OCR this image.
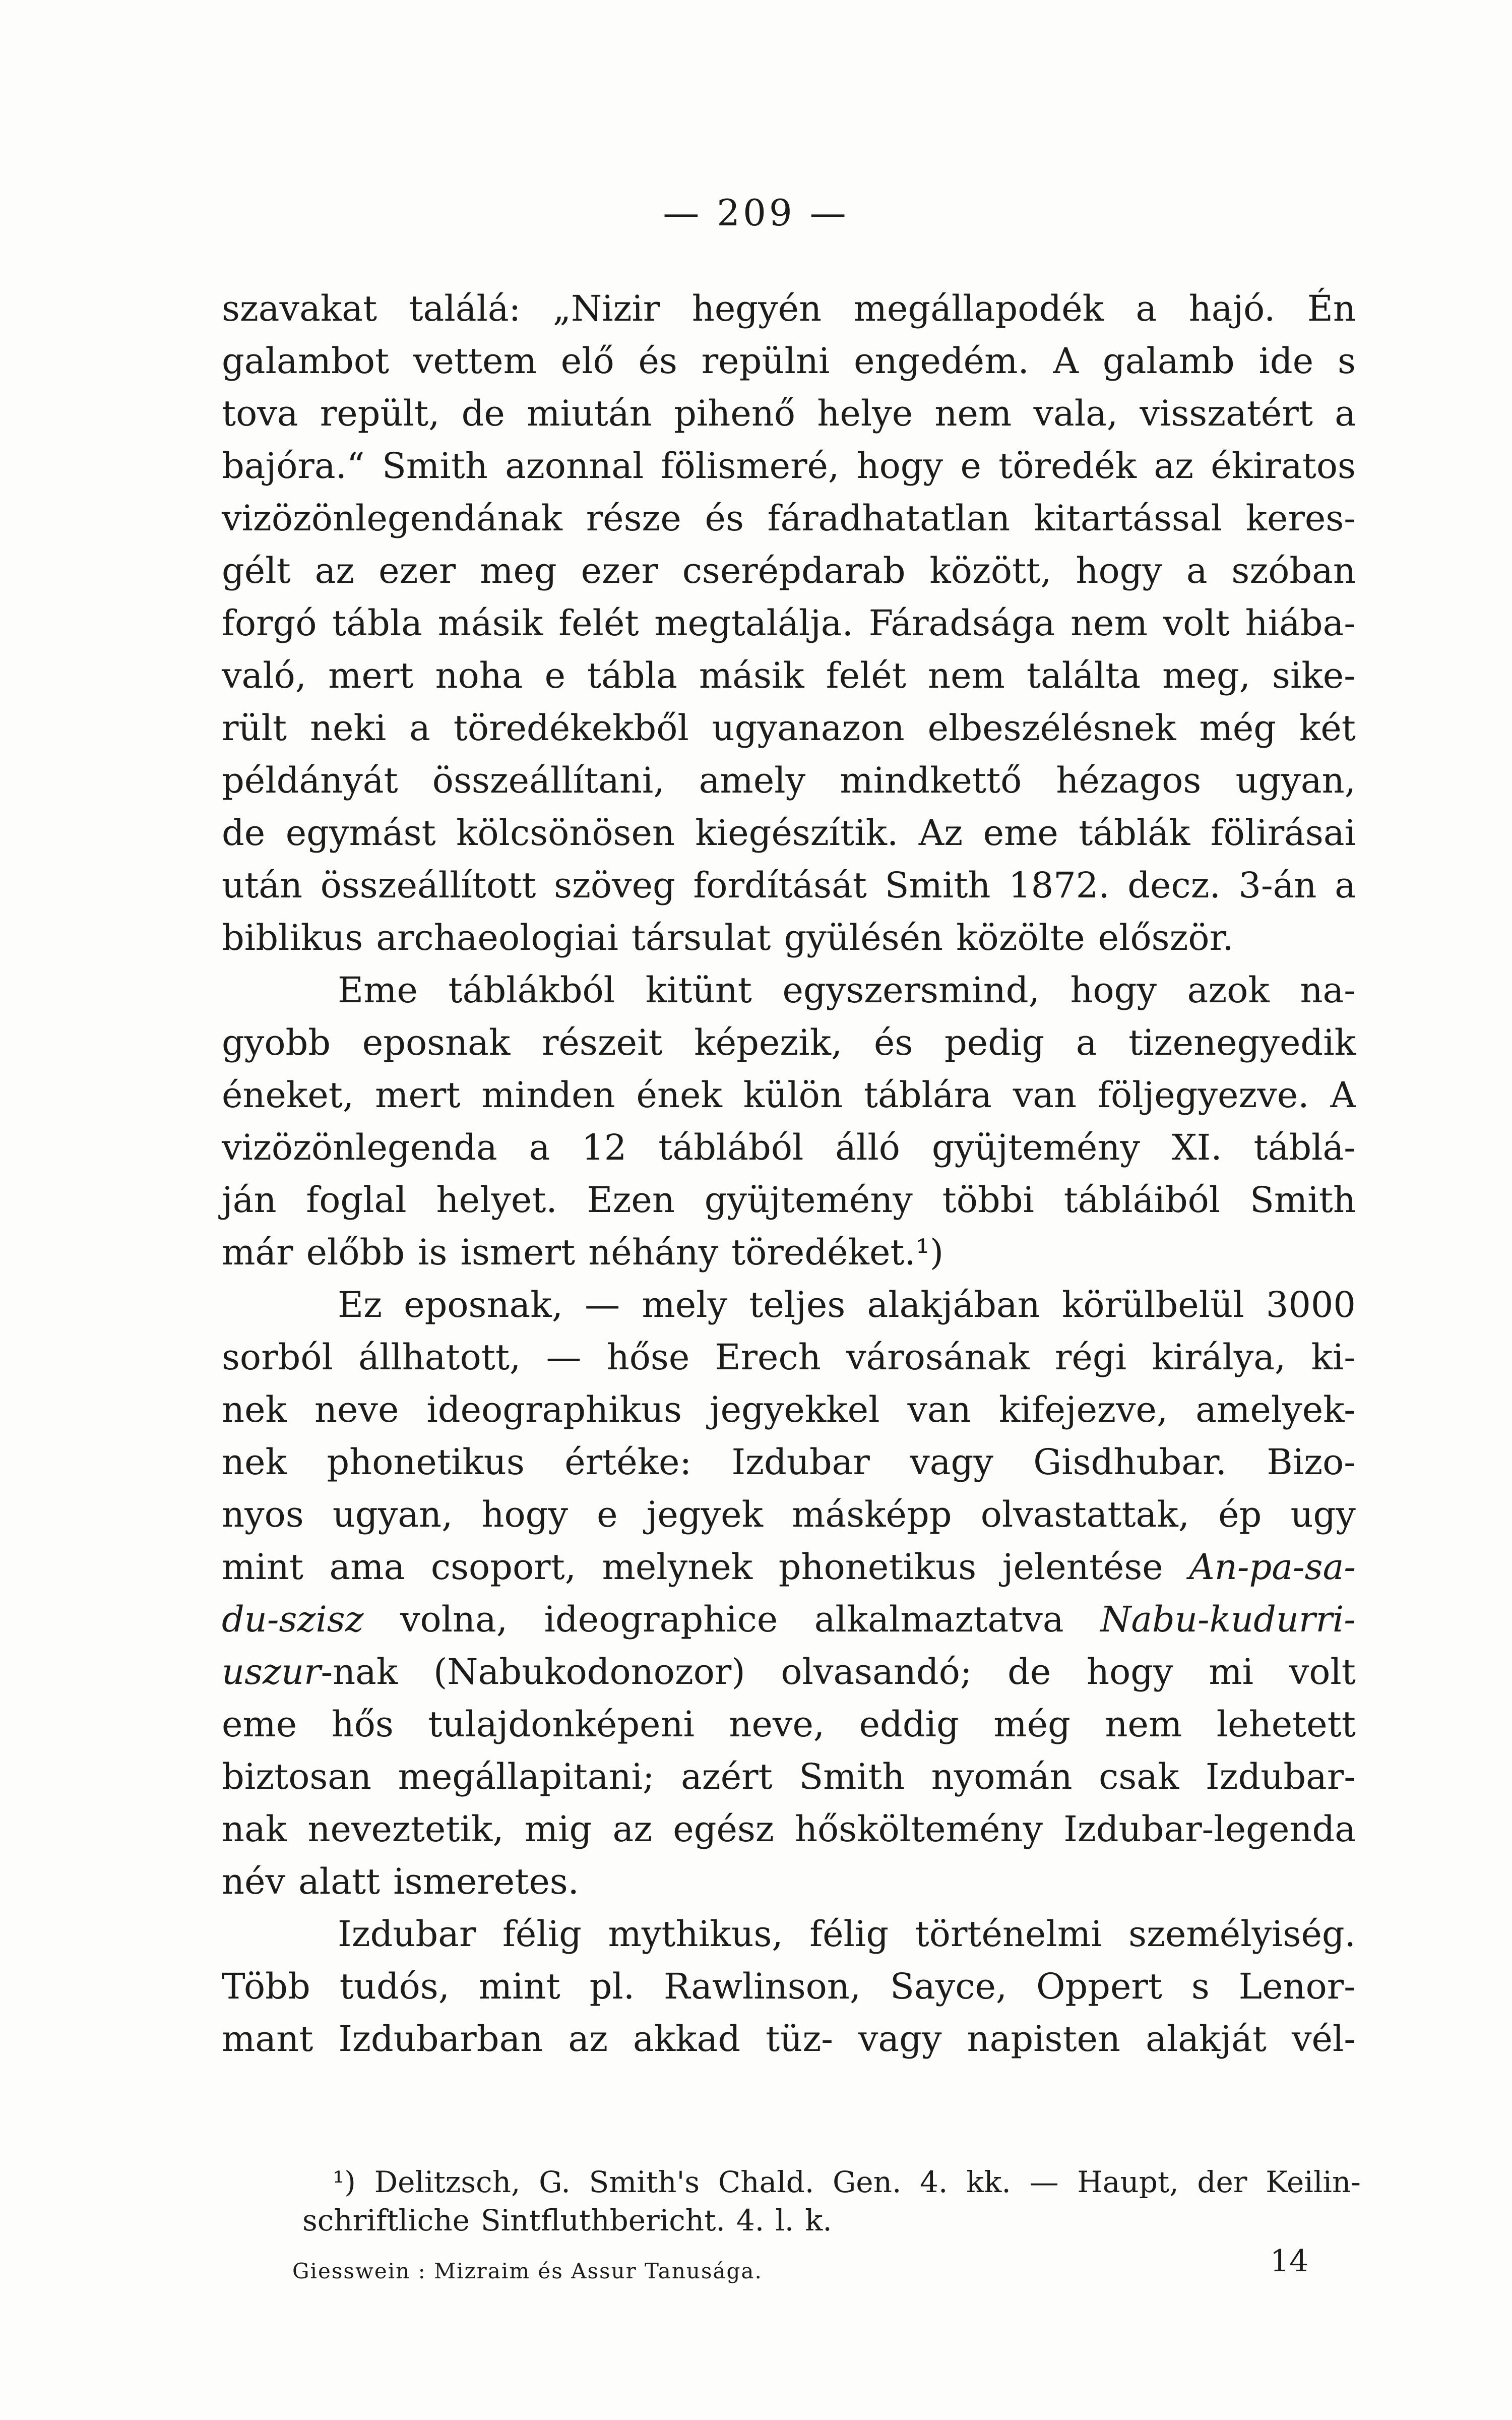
— 209 —
szavakat találá: „Nizir hegyén megállapodék a hajó. Én
galambot vettem elő és repülni engedém. A galamb ide s
tova repült, de miután pihenő helye nem vala, visszatért a
bajóra.“ Smith azonnal fölismeré, hogy e töredék az ékiratos
vizözönlegendának része és fáradhatatlan kitartással keres-
gélt az ezer meg ezer cserépdarab között, hogy a szóban
forgó tábla másik felét megtalálja. Fáradsága nem volt hiába-
való, mert noha e tábla másik felét nem találta meg, sike-
rült neki a töredékekből ugyanazon elbeszélésnek még két
példányát összeállítani, amely mindkettő hézagos ugyan,
de egymást kölcsönösen kiegészítik. Az eme táblák fölirásai
után összeállított szöveg fordítását Smith 1872. decz. 3-án a
biblikus archaeologiai társulat gyülésén közölte először.
Eme táblákból kitünt egyszersmind, hogy azok na-
gyobb eposnak részeit képezik, és pedig a tizenegyedik
éneket, mert minden ének külön táblára van följegyezve. A
vizözönlegenda a 12 táblából álló gyüjtemény XI. táblá-
ján foglal helyet. Ezen gyüjtemény többi tábláiból Smith
már előbb is ismert néhány töredéket.¹)
Ez eposnak, — mely teljes alakjában körülbelül 3000
sorból állhatott, — hőse Erech városának régi királya, ki-
nek neve ideographikus jegyekkel van kifejezve, amelyek-
nek phonetikus értéke: Izdubar vagy Gisdhubar. Bizo-
nyos ugyan, hogy e jegyek másképp olvastattak, ép ugy
mint ama csoport, melynek phonetikus jelentése An-pa-sa-
du-szisz volna, ideographice alkalmaztatva Nabu-kudurri-
uszur-nak (Nabukodonozor) olvasandó; de hogy mi volt
eme hős tulajdonképeni neve, eddig még nem lehetett
biztosan megállapitani; azért Smith nyomán csak Izdubar-
nak neveztetik, mig az egész hősköltemény Izdubar-legenda
név alatt ismeretes.
Izdubar félig mythikus, félig történelmi személyiség.
Több tudós, mint pl. Rawlinson, Sayce, Oppert s Lenor-
mant Izdubarban az akkad tüz- vagy napisten alakját vél-
¹) Delitzsch, G. Smith's Chald. Gen. 4. kk. — Haupt, der Keilin-
schriftliche Sintfluthbericht. 4. l. k.
Giesswein : Mizraim és Assur Tanusága.	14
